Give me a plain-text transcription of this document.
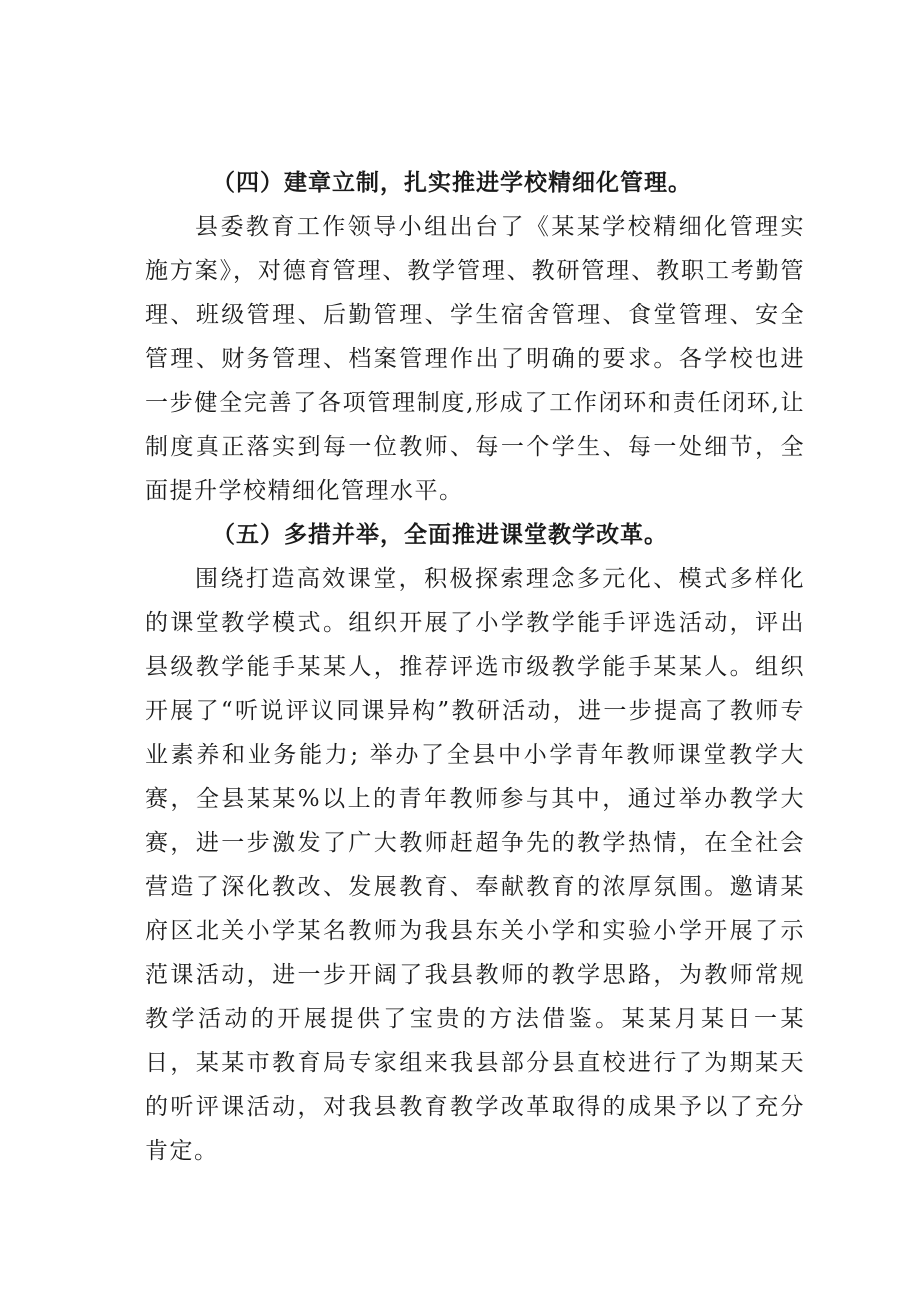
（四）建章立制，扎实推进学校精细化管理。

县委教育工作领导小组出台了《某某学校精细化管理实施方案》，对德育管理、教学管理、教研管理、教职工考勤管理、班级管理、后勤管理、学生宿舍管理、食堂管理、安全管理、财务管理、档案管理作出了明确的要求。各学校也进一步健全完善了各项管理制度,形成了工作闭环和责任闭环,让制度真正落实到每一位教师、每一个学生、每一处细节，全面提升学校精细化管理水平。

（五）多措并举，全面推进课堂教学改革。

围绕打造高效课堂，积极探索理念多元化、模式多样化的课堂教学模式。组织开展了小学教学能手评选活动，评出县级教学能手某某人，推荐评选市级教学能手某某人。组织开展了“听说评议同课异构”教研活动，进一步提高了教师专业素养和业务能力; 举办了全县中小学青年教师课堂教学大赛，全县某某%以上的青年教师参与其中，通过举办教学大赛，进一步激发了广大教师赶超争先的教学热情，在全社会营造了深化教改、发展教育、奉献教育的浓厚氛围。邀请某府区北关小学某名教师为我县东关小学和实验小学开展了示范课活动，进一步开阔了我县教师的教学思路，为教师常规教学活动的开展提供了宝贵的方法借鉴。某某月某日一某日，某某市教育局专家组来我县部分县直校进行了为期某天的听评课活动，对我县教育教学改革取得的成果予以了充分肯定。
